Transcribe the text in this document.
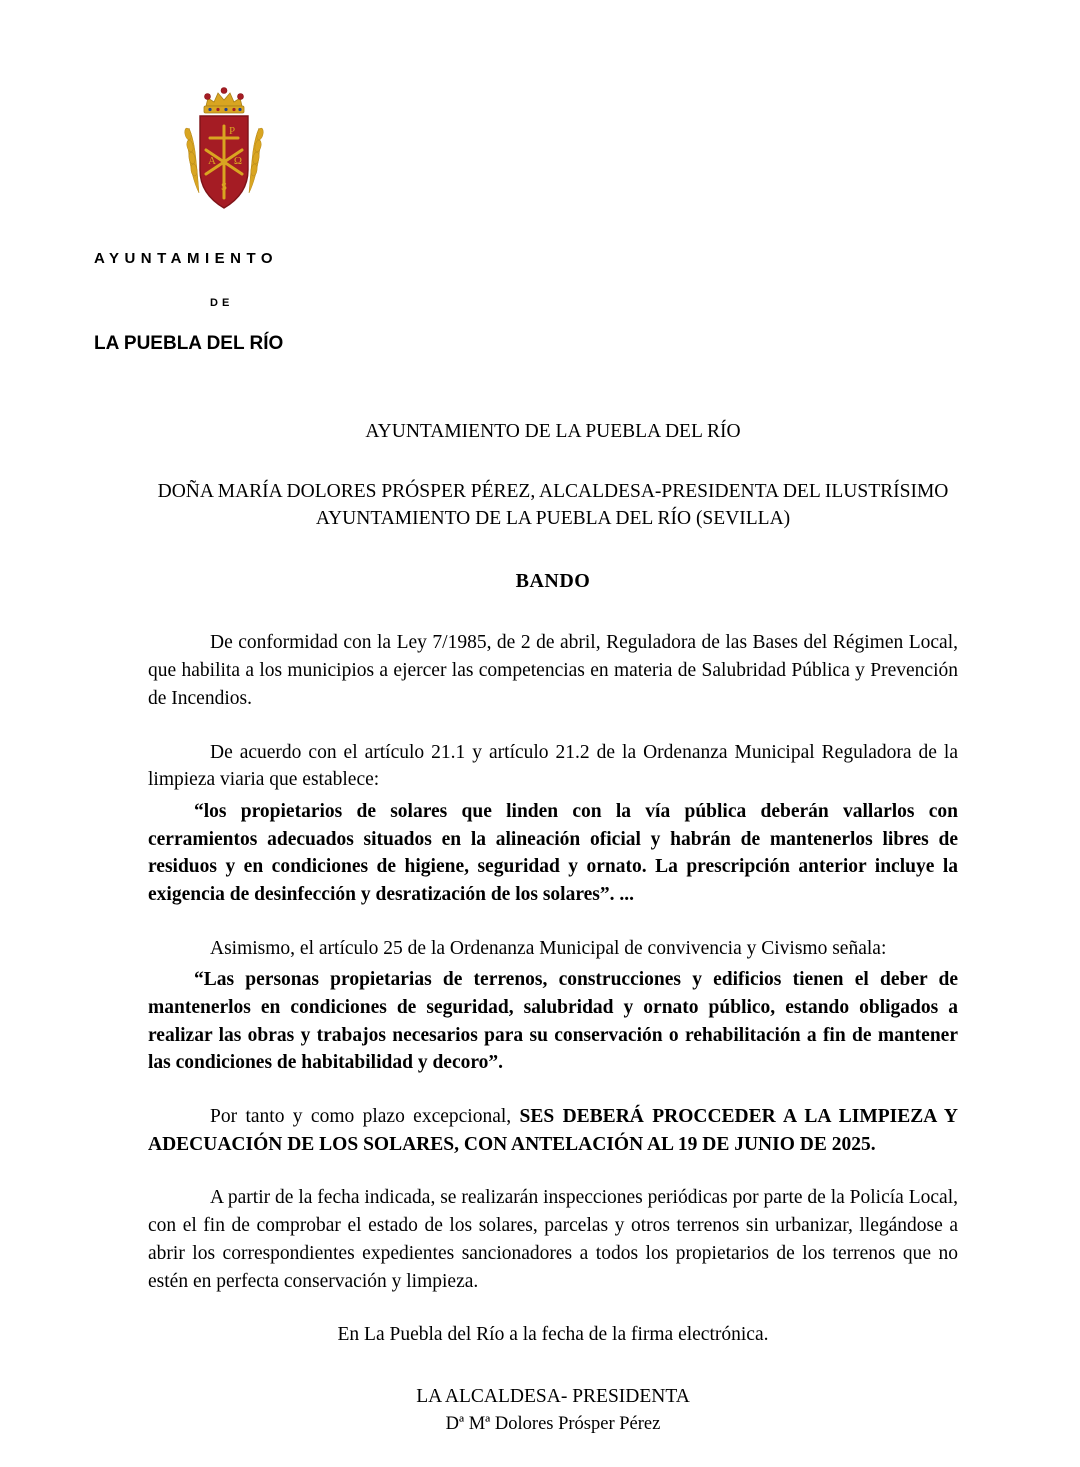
P
A Ω
S
AYUNTAMIENTO
DE
LA PUEBLA DEL RÍO

AYUNTAMIENTO DE LA PUEBLA DEL RÍO

DOÑA MARÍA DOLORES PRÓSPER PÉREZ, ALCALDESA-PRESIDENTA DEL ILUSTRÍSIMO AYUNTAMIENTO DE LA PUEBLA DEL RÍO (SEVILLA)

BANDO

De conformidad con la Ley 7/1985, de 2 de abril, Reguladora de las Bases del Régimen Local, que habilita a los municipios a ejercer las competencias en materia de Salubridad Pública y Prevención de Incendios.

De acuerdo con el artículo 21.1 y artículo 21.2 de la Ordenanza Municipal Reguladora de la limpieza viaria que establece:

“los propietarios de solares que linden con la vía pública deberán vallarlos con cerramientos adecuados situados en la alineación oficial y habrán de mantenerlos libres de residuos y en condiciones de higiene, seguridad y ornato. La prescripción anterior incluye la exigencia de desinfección y desratización de los solares”. ...

Asimismo, el artículo 25 de la Ordenanza Municipal de convivencia y Civismo señala:

“Las personas propietarias de terrenos, construcciones y edificios tienen el deber de mantenerlos en condiciones de seguridad, salubridad y ornato público, estando obligados a realizar las obras y trabajos necesarios para su conservación o rehabilitación a fin de mantener las condiciones de habitabilidad y decoro”.

Por tanto y como plazo excepcional, SES DEBERÁ PROCCEDER A LA LIMPIEZA Y ADECUACIÓN DE LOS SOLARES, CON ANTELACIÓN AL 19 DE JUNIO DE 2025.

A partir de la fecha indicada, se realizarán inspecciones periódicas por parte de la Policía Local, con el fin de comprobar el estado de los solares, parcelas y otros terrenos sin urbanizar, llegándose a abrir los correspondientes expedientes sancionadores a todos los propietarios de los terrenos que no estén en perfecta conservación y limpieza.

En La Puebla del Río a la fecha de la firma electrónica.

LA ALCALDESA- PRESIDENTA

Dª Mª Dolores Prósper Pérez
